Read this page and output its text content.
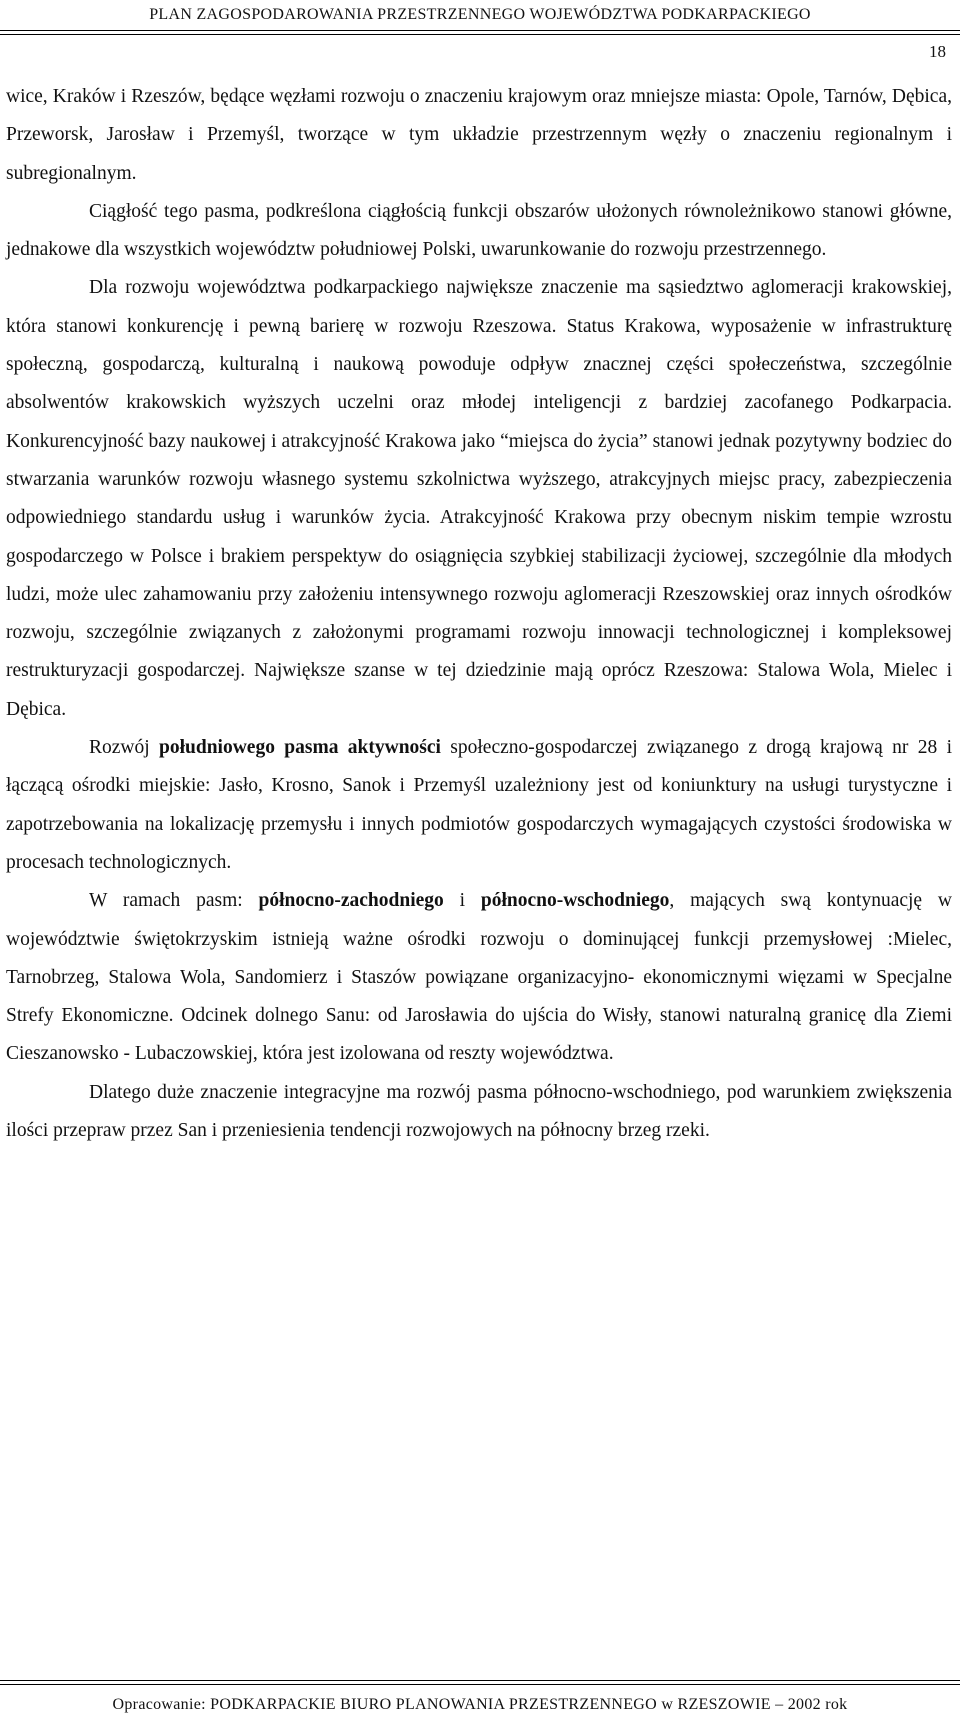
PLAN ZAGOSPODAROWANIA PRZESTRZENNEGO WOJEWÓDZTWA PODKARPACKIEGO
18

wice, Kraków i Rzeszów, będące węzłami rozwoju o znaczeniu krajowym oraz mniejsze miasta: Opole, Tarnów, Dębica, Przeworsk, Jarosław i Przemyśl, tworzące w tym układzie przestrzennym węzły o znaczeniu regionalnym i subregionalnym.

Ciągłość tego pasma, podkreślona ciągłością funkcji obszarów ułożonych równoleżnikowo stanowi główne, jednakowe dla wszystkich województw południowej Polski, uwarunkowanie do rozwoju przestrzennego.

Dla rozwoju województwa podkarpackiego największe znaczenie ma sąsiedztwo aglomeracji krakowskiej, która stanowi konkurencję i pewną barierę w rozwoju Rzeszowa. Status Krakowa, wyposażenie w infrastrukturę społeczną, gospodarczą, kulturalną i naukową powoduje odpływ znacznej części społeczeństwa, szczególnie absolwentów krakowskich wyższych uczelni oraz młodej inteligencji z bardziej zacofanego Podkarpacia. Konkurencyjność bazy naukowej i atrakcyjność Krakowa jako “miejsca do życia” stanowi jednak pozytywny bodziec do stwarzania warunków rozwoju własnego systemu szkolnictwa wyższego, atrakcyjnych miejsc pracy, zabezpieczenia odpowiedniego standardu usług i warunków życia. Atrakcyjność Krakowa przy obecnym niskim tempie wzrostu gospodarczego w Polsce i brakiem perspektyw do osiągnięcia szybkiej stabilizacji życiowej, szczególnie dla młodych ludzi, może ulec zahamowaniu przy założeniu intensywnego rozwoju aglomeracji Rzeszowskiej oraz innych ośrodków rozwoju, szczególnie związanych z założonymi programami rozwoju innowacji technologicznej i kompleksowej restrukturyzacji gospodarczej. Największe szanse w tej dziedzinie mają oprócz Rzeszowa: Stalowa Wola, Mielec i Dębica.

Rozwój południowego pasma aktywności społeczno-gospodarczej związanego z drogą krajową nr 28 i łączącą ośrodki miejskie: Jasło, Krosno, Sanok i Przemyśl uzależniony jest od koniunktury na usługi turystyczne i zapotrzebowania na lokalizację przemysłu i innych podmiotów gospodarczych wymagających czystości środowiska w procesach technologicznych.

W ramach pasm: północno-zachodniego i północno-wschodniego, mających swą kontynuację w województwie świętokrzyskim istnieją ważne ośrodki rozwoju o dominującej funkcji przemysłowej :Mielec, Tarnobrzeg, Stalowa Wola, Sandomierz i Staszów powiązane organizacyjno- ekonomicznymi więzami w Specjalne Strefy Ekonomiczne. Odcinek dolnego Sanu: od Jarosławia do ujścia do Wisły, stanowi naturalną granicę dla Ziemi Cieszanowsko - Lubaczowskiej, która jest izolowana od reszty województwa.

Dlatego duże znaczenie integracyjne ma rozwój pasma północno-wschodniego, pod warunkiem zwiększenia ilości przepraw przez San i przeniesienia tendencji rozwojowych na północny brzeg rzeki.

Opracowanie: PODKARPACKIE BIURO PLANOWANIA PRZESTRZENNEGO w RZESZOWIE – 2002 rok
